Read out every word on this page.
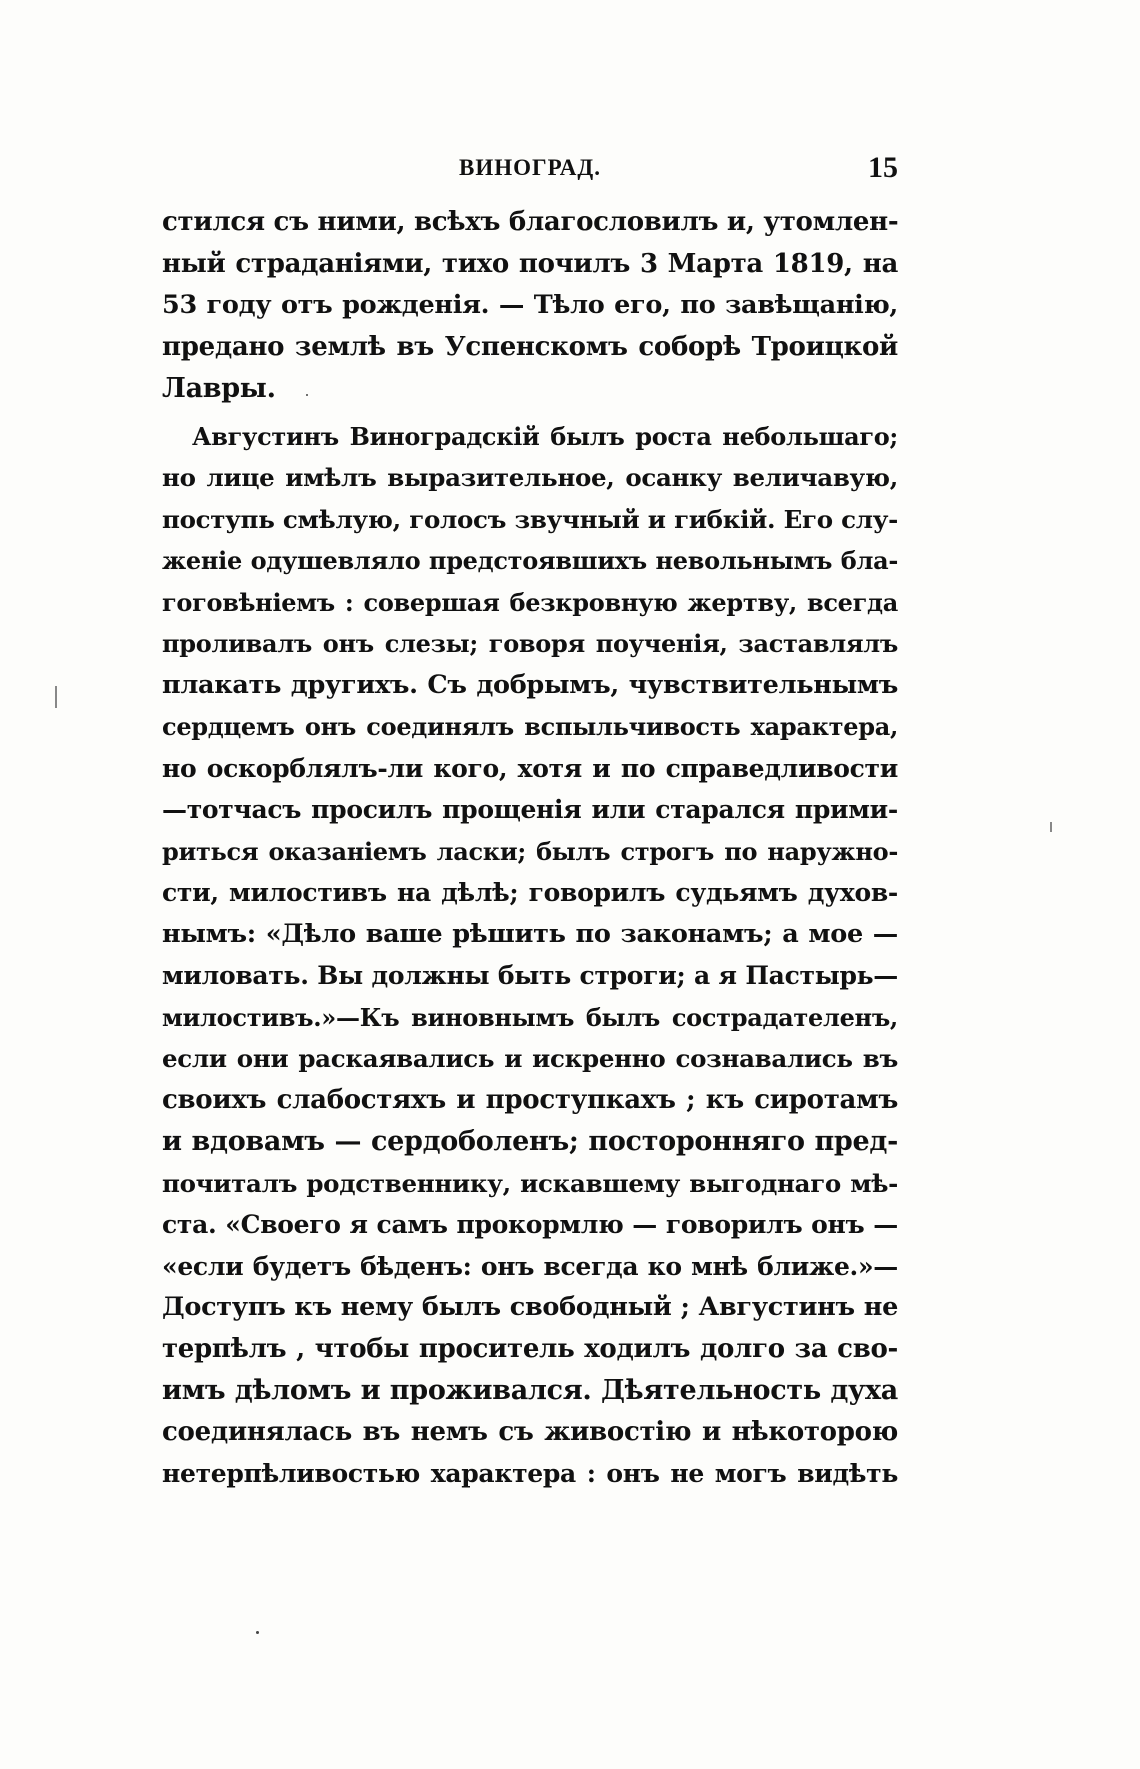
ВИНОГРАД.	15
стился съ ними, всѣхъ благословилъ и, утомлен-
ный страданіями, тихо почилъ 3 Марта 1819, на
53 году отъ рожденія. — Тѣло его, по завѣщанію,
предано землѣ въ Успенскомъ соборѣ Троицкой
Лавры.
Августинъ Виноградскій былъ роста небольшаго;
но лице имѣлъ выразительное, осанку величавую,
поступь смѣлую, голосъ звучный и гибкій. Его слу-
женіе одушевляло предстоявшихъ невольнымъ бла-
гоговѣніемъ : совершая безкровную жертву, всегда
проливалъ онъ слезы; говоря поученія, заставлялъ
плакать другихъ. Съ добрымъ, чувствительнымъ
сердцемъ онъ соединялъ вспыльчивость характера,
но оскорблялъ-ли кого, хотя и по справедливости
—тотчасъ просилъ прощенія или старался прими-
риться оказаніемъ ласки; былъ строгъ по наружно-
сти, милостивъ на дѣлѣ; говорилъ судьямъ духов-
нымъ: «Дѣло ваше рѣшить по законамъ; а мое —
миловать. Вы должны быть строги; а я Пастырь—
милостивъ.»—Къ виновнымъ былъ сострадателенъ,
если они раскаявались и искренно сознавались въ
своихъ слабостяхъ и проступкахъ ; къ сиротамъ
и вдовамъ — сердоболенъ; посторонняго пред-
почиталъ родственнику, искавшему выгоднаго мѣ-
ста. «Своего я самъ прокормлю — говорилъ онъ —
«если будетъ бѣденъ: онъ всегда ко мнѣ ближе.»—
Доступъ къ нему былъ свободный ; Августинъ не
терпѣлъ , чтобы проситель ходилъ долго за сво-
имъ дѣломъ и проживался. Дѣятельность духа
соединялась въ немъ съ живостію и нѣкоторою
нетерпѣливостью характера : онъ не могъ видѣть
